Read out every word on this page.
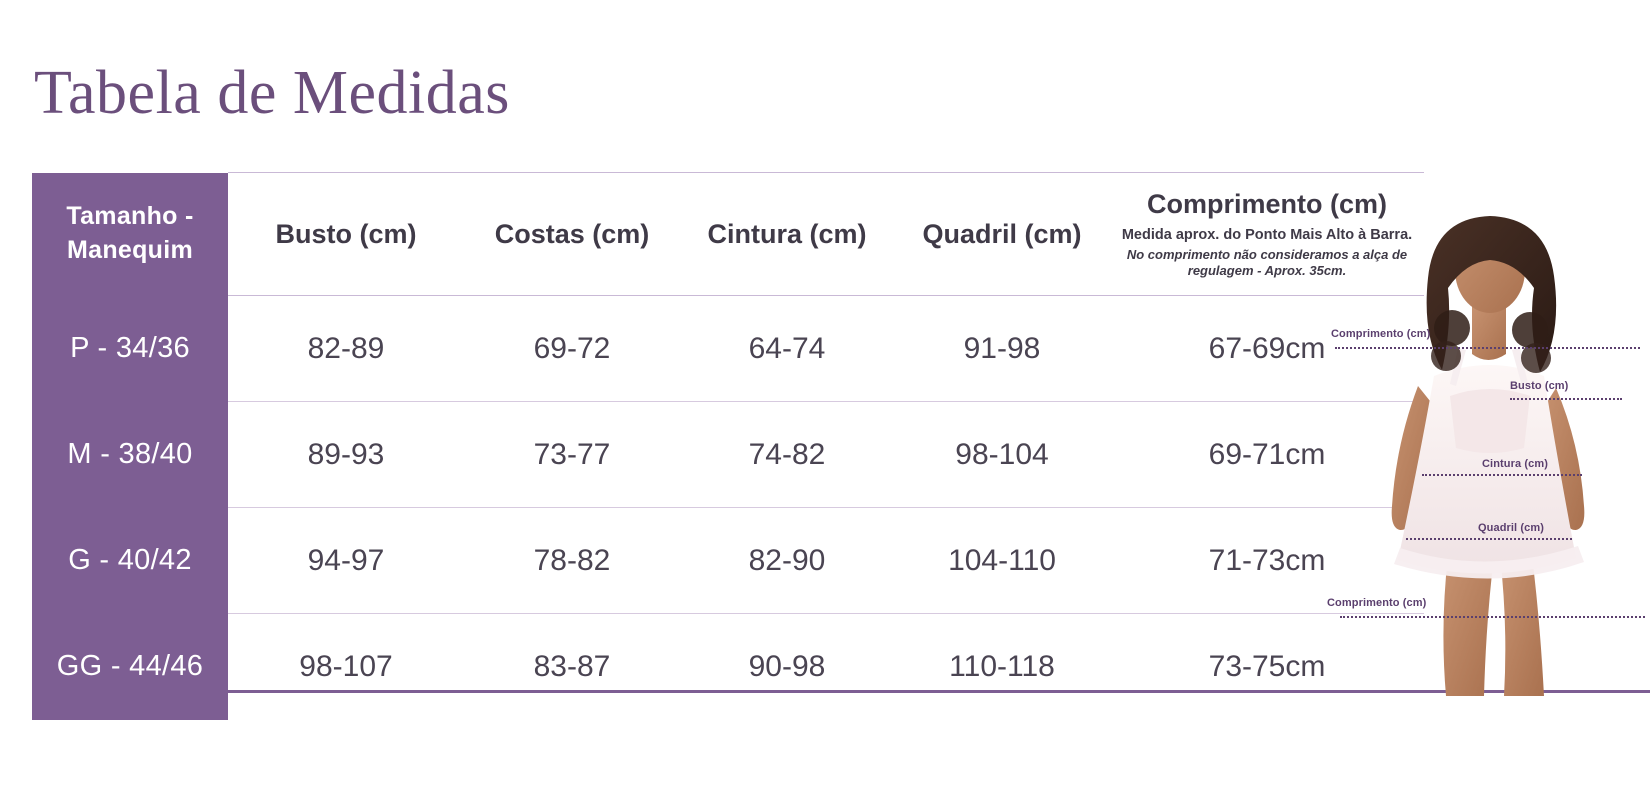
Tabela de Medidas
Tamanho - Manequim	Busto (cm)	Costas (cm)	Cintura (cm)	Quadril (cm)	Comprimento (cm)
Medida aprox. do Ponto Mais Alto à Barra.
No comprimento não consideramos a alça de regulagem - Aprox. 35cm.

P - 34/36	82-89	69-72	64-74	91-98	67-69cm
M - 38/40	89-93	73-77	74-82	98-104	69-71cm
G - 40/42	94-97	78-82	82-90	104-110	71-73cm
GG - 44/46	98-107	83-87	90-98	110-118	73-75cm
Comprimento (cm)
Busto (cm)
Cintura (cm)
Quadril (cm)
Comprimento (cm)
